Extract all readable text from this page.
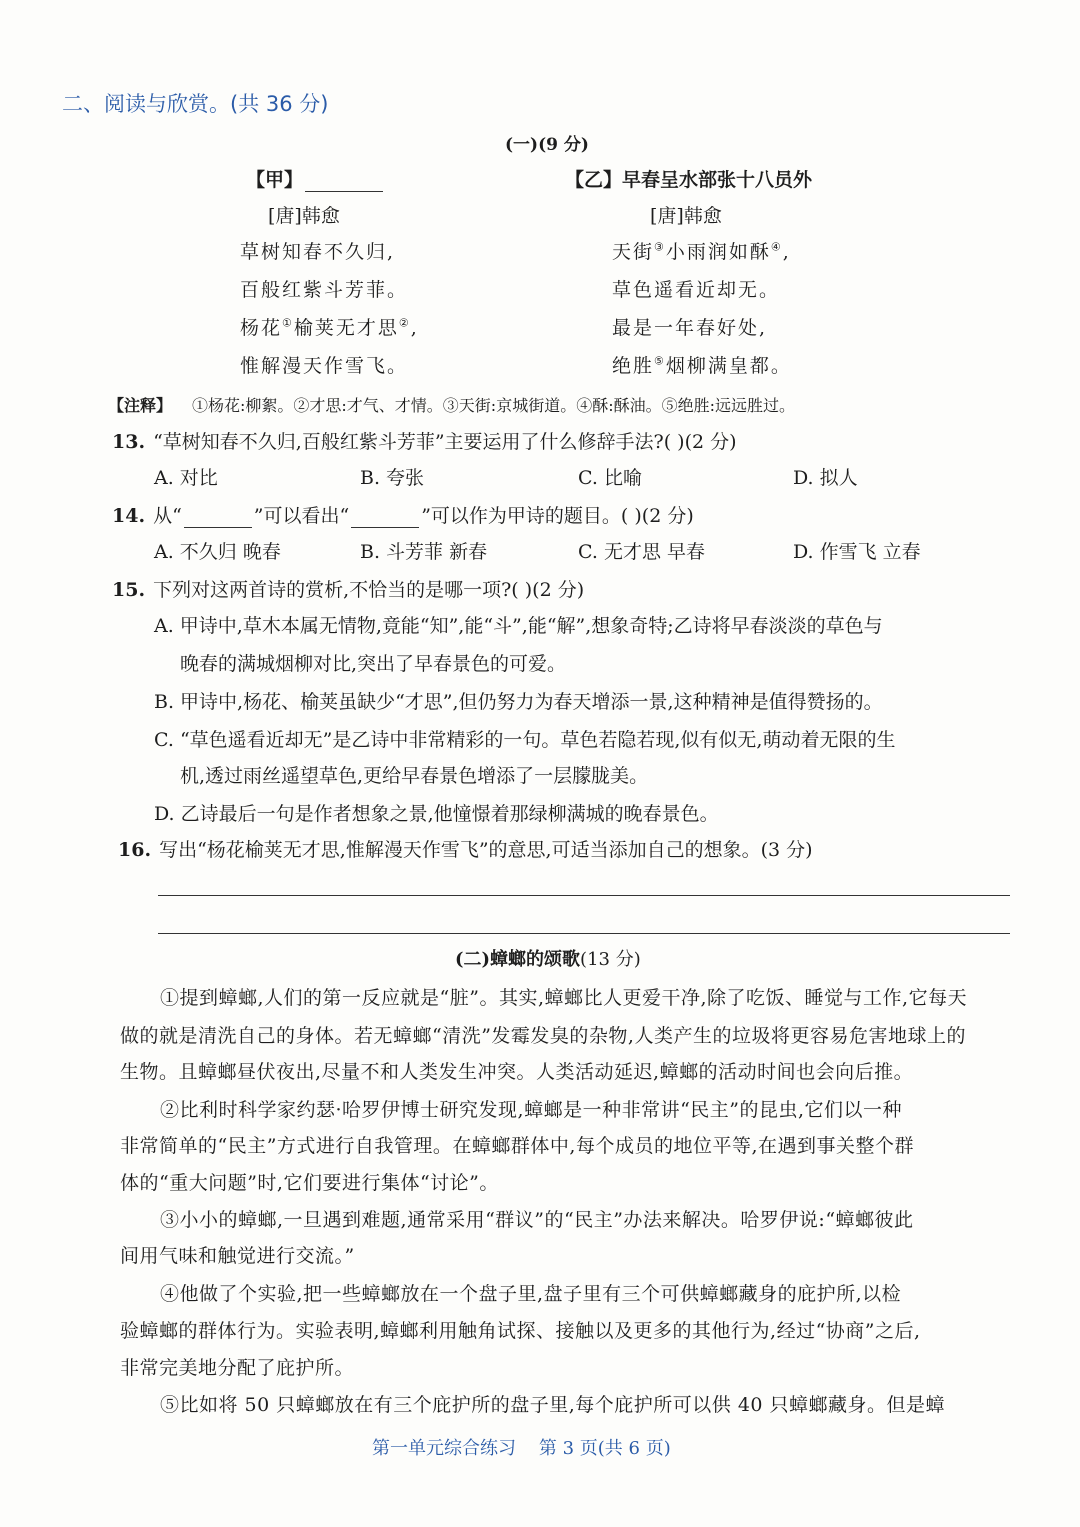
二、阅读与欣赏。(共 36 分)
(一)(9 分)
【甲】
[唐]韩愈
草树知春不久归,
百般红紫斗芳菲。
杨花①榆荚无才思②,
惟解漫天作雪飞。
【乙】早春呈水部张十八员外
[唐]韩愈
天街③小雨润如酥④,
草色遥看近却无。
最是一年春好处,
绝胜⑤烟柳满皇都。
【注释】 ①杨花:柳絮。②才思:才气、才情。③天街:京城街道。④酥:酥油。⑤绝胜:远远胜过。
13. “草树知春不久归,百般红紫斗芳菲”主要运用了什么修辞手法?( )(2 分)
A. 对比	B. 夸张	C. 比喻	D. 拟人
14. 从“	”可以看出“	”可以作为甲诗的题目。( )(2 分)
A. 不久归 晚春	B. 斗芳菲 新春	C. 无才思 早春	D. 作雪飞 立春
15. 下列对这两首诗的赏析,不恰当的是哪一项?( )(2 分)
A. 甲诗中,草木本属无情物,竟能“知”,能“斗”,能“解”,想象奇特;乙诗将早春淡淡的草色与
晚春的满城烟柳对比,突出了早春景色的可爱。
B. 甲诗中,杨花、榆荚虽缺少“才思”,但仍努力为春天增添一景,这种精神是值得赞扬的。
C. “草色遥看近却无”是乙诗中非常精彩的一句。草色若隐若现,似有似无,萌动着无限的生
机,透过雨丝遥望草色,更给早春景色增添了一层朦胧美。
D. 乙诗最后一句是作者想象之景,他憧憬着那绿柳满城的晚春景色。
16. 写出“杨花榆荚无才思,惟解漫天作雪飞”的意思,可适当添加自己的想象。(3 分)
(二)蟑螂的颂歌(13 分)
①提到蟑螂,人们的第一反应就是“脏”。其实,蟑螂比人更爱干净,除了吃饭、睡觉与工作,它每天
做的就是清洗自己的身体。若无蟑螂“清洗”发霉发臭的杂物,人类产生的垃圾将更容易危害地球上的
生物。且蟑螂昼伏夜出,尽量不和人类发生冲突。人类活动延迟,蟑螂的活动时间也会向后推。
②比利时科学家约瑟·哈罗伊博士研究发现,蟑螂是一种非常讲“民主”的昆虫,它们以一种
非常简单的“民主”方式进行自我管理。在蟑螂群体中,每个成员的地位平等,在遇到事关整个群
体的“重大问题”时,它们要进行集体“讨论”。
③小小的蟑螂,一旦遇到难题,通常采用“群议”的“民主”办法来解决。哈罗伊说:“蟑螂彼此
间用气味和触觉进行交流。”
④他做了个实验,把一些蟑螂放在一个盘子里,盘子里有三个可供蟑螂藏身的庇护所,以检
验蟑螂的群体行为。实验表明,蟑螂利用触角试探、接触以及更多的其他行为,经过“协商”之后,
非常完美地分配了庇护所。
⑤比如将 50 只蟑螂放在有三个庇护所的盘子里,每个庇护所可以供 40 只蟑螂藏身。但是蟑
第一单元综合练习    第 3 页(共 6 页)
